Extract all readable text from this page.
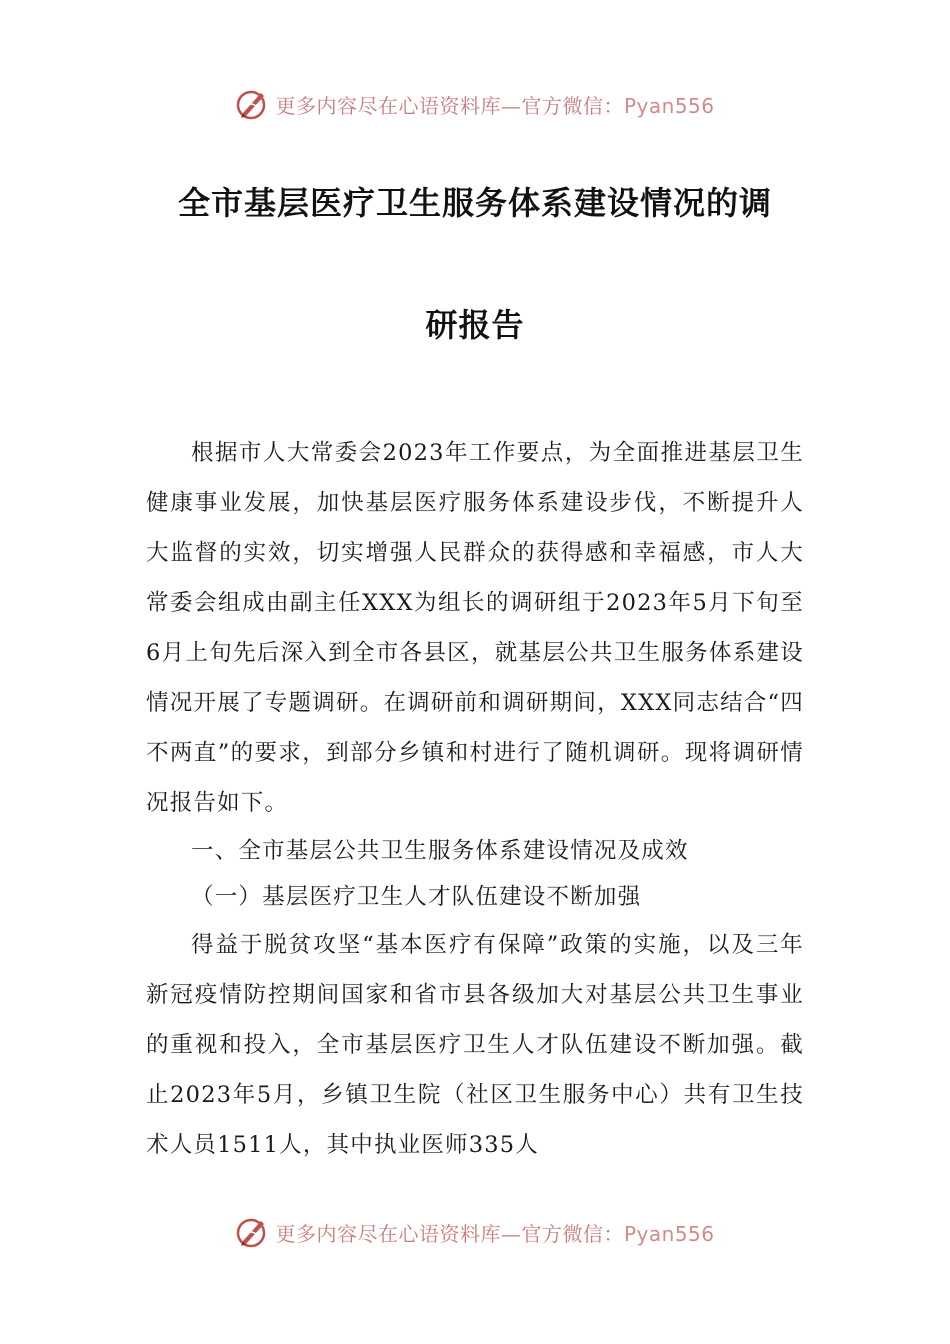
更多内容尽在心语资料库—官方微信：Pyan556
全市基层医疗卫生服务体系建设情况的调
研报告

根据市人大常委会2023年工作要点，为全面推进基层卫生健康事业发展，加快基层医疗服务体系建设步伐，不断提升人大监督的实效，切实增强人民群众的获得感和幸福感，市人大常委会组成由副主任XXX为组长的调研组于2023年5月下旬至6月上旬先后深入到全市各县区，就基层公共卫生服务体系建设情况开展了专题调研。在调研前和调研期间，XXX同志结合“四不两直”的要求，到部分乡镇和村进行了随机调研。现将调研情况报告如下。

一、全市基层公共卫生服务体系建设情况及成效

（一）基层医疗卫生人才队伍建设不断加强

得益于脱贫攻坚“基本医疗有保障”政策的实施，以及三年新冠疫情防控期间国家和省市县各级加大对基层公共卫生事业的重视和投入，全市基层医疗卫生人才队伍建设不断加强。截止2023年5月，乡镇卫生院（社区卫生服务中心）共有卫生技术人员1511人，其中执业医师335人

更多内容尽在心语资料库—官方微信：Pyan556
